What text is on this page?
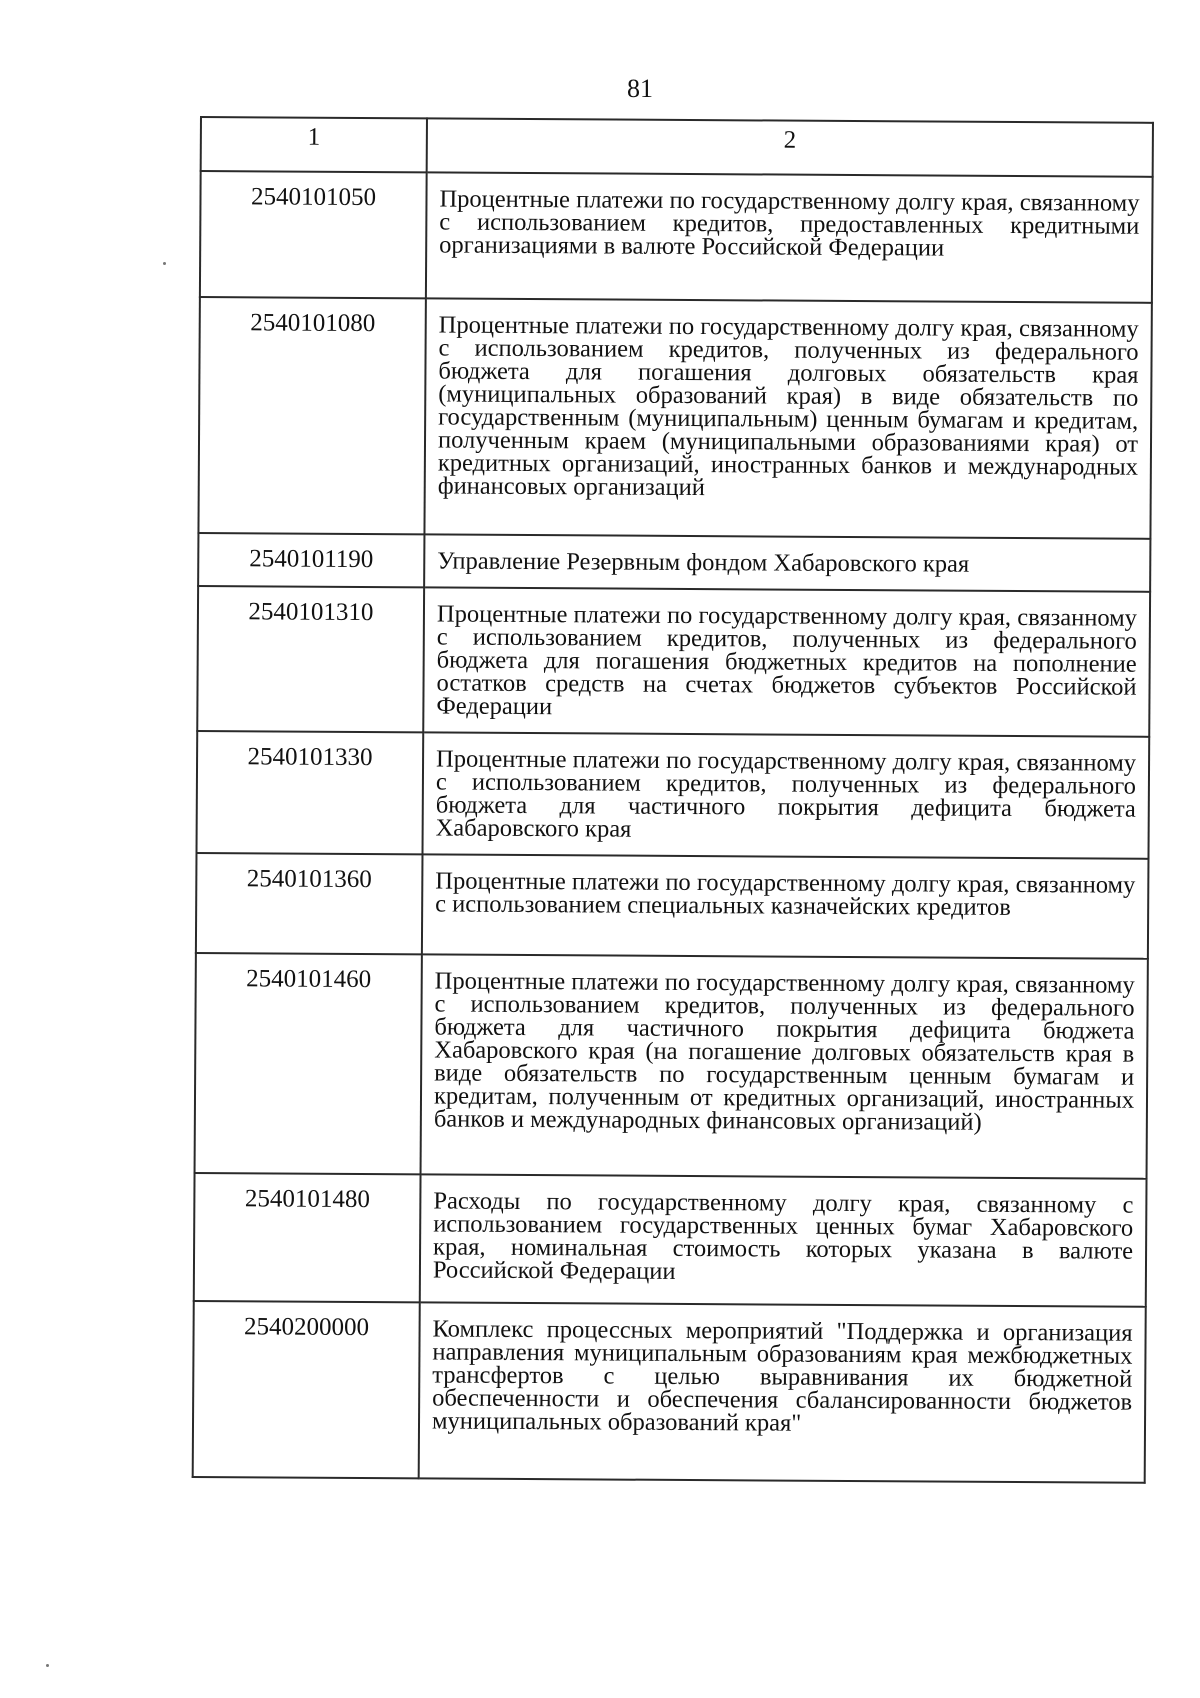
81
1	2
2540101050	Процентные платежи по государственному долгу края, связанному с использованием кредитов, предоставленных кредитными организациями в валюте Российской Федерации
2540101080	Процентные платежи по государственному долгу края, связанному с использованием кредитов, полученных из федерального бюджета для погашения долговых обязательств края (муниципальных образований края) в виде обязательств по государственным (муниципальным) ценным бумагам и кредитам, полученным краем (муниципальными образованиями края) от кредитных организаций, иностранных банков и международных финансовых организаций
2540101190	Управление Резервным фондом Хабаровского края
2540101310	Процентные платежи по государственному долгу края, связанному с использованием кредитов, полученных из федерального бюджета для погашения бюджетных кредитов на пополнение остатков средств на счетах бюджетов субъектов Российской Федерации
2540101330	Процентные платежи по государственному долгу края, связанному с использованием кредитов, полученных из федерального бюджета для частичного покрытия дефицита бюджета Хабаровского края
2540101360	Процентные платежи по государственному долгу края, связанному с использованием специальных казначейских кредитов
2540101460	Процентные платежи по государственному долгу края, связанному с использованием кредитов, полученных из федерального бюджета для частичного покрытия дефицита бюджета Хабаровского края (на погашение долговых обязательств края в виде обязательств по государственным ценным бумагам и кредитам, полученным от кредитных организаций, иностранных банков и международных финансовых организаций)
2540101480	Расходы по государственному долгу края, связанному с использованием государственных ценных бумаг Хабаровского края, номинальная стоимость которых указана в валюте Российской Федерации
2540200000	Комплекс процессных мероприятий "Поддержка и организация направления муниципальным образованиям края межбюджетных трансфертов с целью выравнивания их бюджетной обеспеченности и обеспечения сбалансированности бюджетов муниципальных образований края"
